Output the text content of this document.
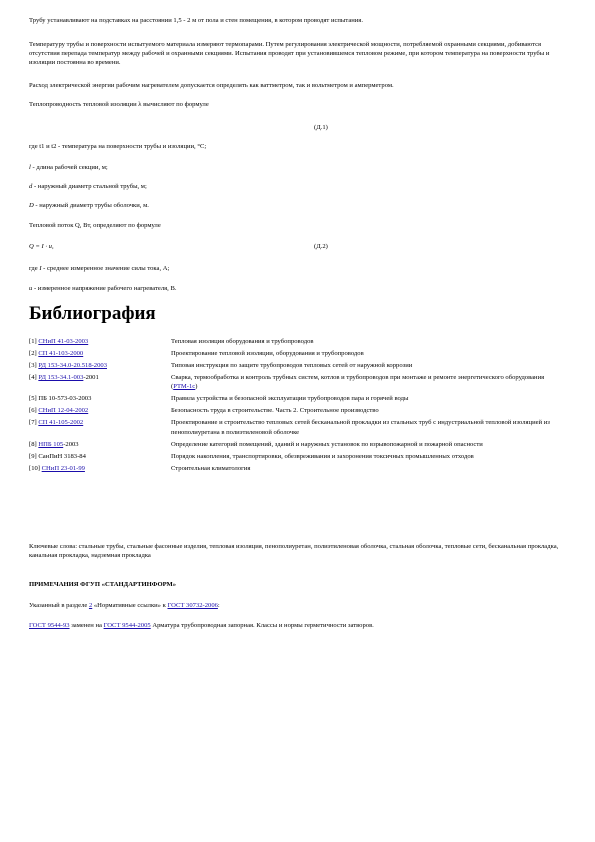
Трубу устанавливают на подставках на расстоянии 1,5 - 2 м от пола и стен помещения, в котором проводят испытания.

Температуру трубы и поверхности испытуемого материала измеряют термопарами. Путем регулирования электрической мощности, потребляемой охранными секциями, добиваются отсутствия перепада температур между рабочей и охранными секциями. Испытания проводят при установившемся тепловом режиме, при котором температура на поверхности трубы и изоляции постоянна во времени.

Расход электрической энергии рабочим нагревателем допускается определять как ваттметром, так и вольтметром и амперметром.

Теплопроводность тепловой изоляции λ вычисляют по формуле

(Д.1)

где t1 и t2 - температура на поверхности трубы и изоляции, °С;

l - длина рабочей секции, м;

d - наружный диаметр стальной трубы, м;

D - наружный диаметр трубы оболочки, м.

Тепловой поток Q, Вт, определяют по формуле

Q = I · u,	(Д.2)

где I - среднее измеренное значение силы тока, А;

u - измеренное напряжение рабочего нагревателя, В.

Библиография
[1] СНиП 41-03-2003	Тепловая изоляция оборудования и трубопроводов
[2] СП 41-103-2000	Проектирование тепловой изоляции, оборудования и трубопроводов
[3] РД 153-34.0-20.518-2003	Типовая инструкция по защите трубопроводов тепловых сетей от наружной коррозии
[4] РД 153-34.1-003-2001	Сварка, термообработка и контроль трубных систем, котлов и трубопроводов при монтаже и ремонте энергетического оборудования (РТМ-1с)
[5] ПБ 10-573-03-2003	Правила устройства и безопасной эксплуатации трубопроводов пара и горячей воды
[6] СНиП 12-04-2002	Безопасность труда в строительстве. Часть 2. Строительное производство
[7] СП 41-105-2002	Проектирование и строительство тепловых сетей бесканальной прокладки из стальных труб с индустриальной тепловой изоляцией из пенополиуретана в полиэтиленовой оболочке
[8] НПБ 105-2003	Определение категорий помещений, зданий и наружных установок по взрывопожарной и пожарной опасности
[9] СанПиН 3183-84	Порядок накопления, транспортировки, обезвреживания и захоронения токсичных промышленных отходов
[10] СНиП 23-01-99	Строительная климатология

Ключевые слова: стальные трубы, стальные фасонные изделия, тепловая изоляция, пенополиуретан, полиэтиленовая оболочка, стальная оболочка, тепловые сети, бесканальная прокладка, канальная прокладка, надземная прокладка

ПРИМЕЧАНИЯ ФГУП «СТАНДАРТИНФОРМ»

Указанный в разделе 2 «Нормативные ссылки» к ГОСТ 30732-2006:

ГОСТ 9544-93 заменен на ГОСТ 9544-2005 Арматура трубопроводная запорная. Классы и нормы герметичности затворов.
